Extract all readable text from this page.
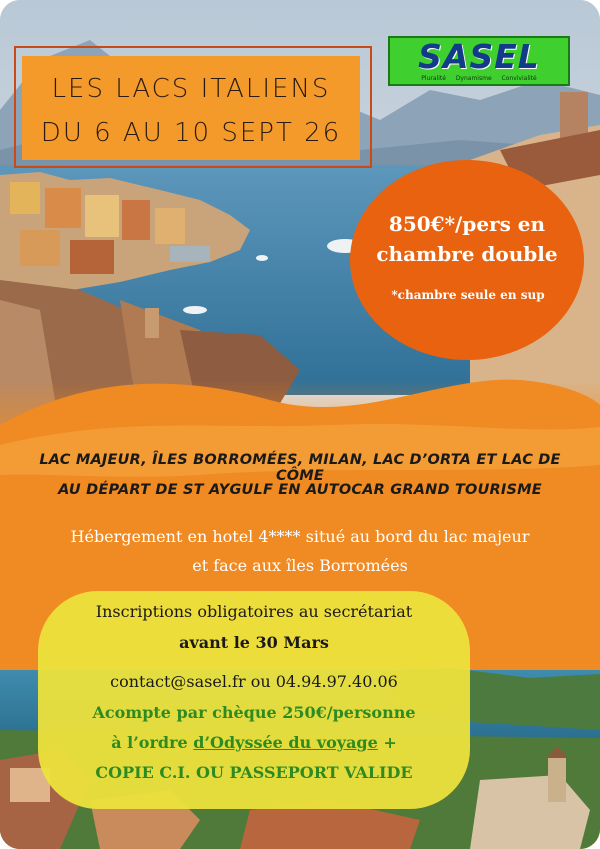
LES LACS ITALIENS
DU 6 AU 10 SEPT 26
SASEL
Pluralité Dynamisme Convivialité
850€*/pers en
chambre double
*chambre seule en sup
LAC MAJEUR, ÎLES BORROMÉES, MILAN, LAC D’ORTA ET LAC DE CÔME
AU DÉPART DE ST AYGULF EN AUTOCAR GRAND TOURISME
Hébergement en hotel 4**** situé au bord du lac majeur
et face aux îles Borromées
Inscriptions obligatoires au secrétariat
avant le 30 Mars
contact@sasel.fr ou 04.94.97.40.06
Acompte par chèque 250€/personne
à l’ordre d’Odyssée du voyage +
COPIE C.I. OU PASSEPORT VALIDE
